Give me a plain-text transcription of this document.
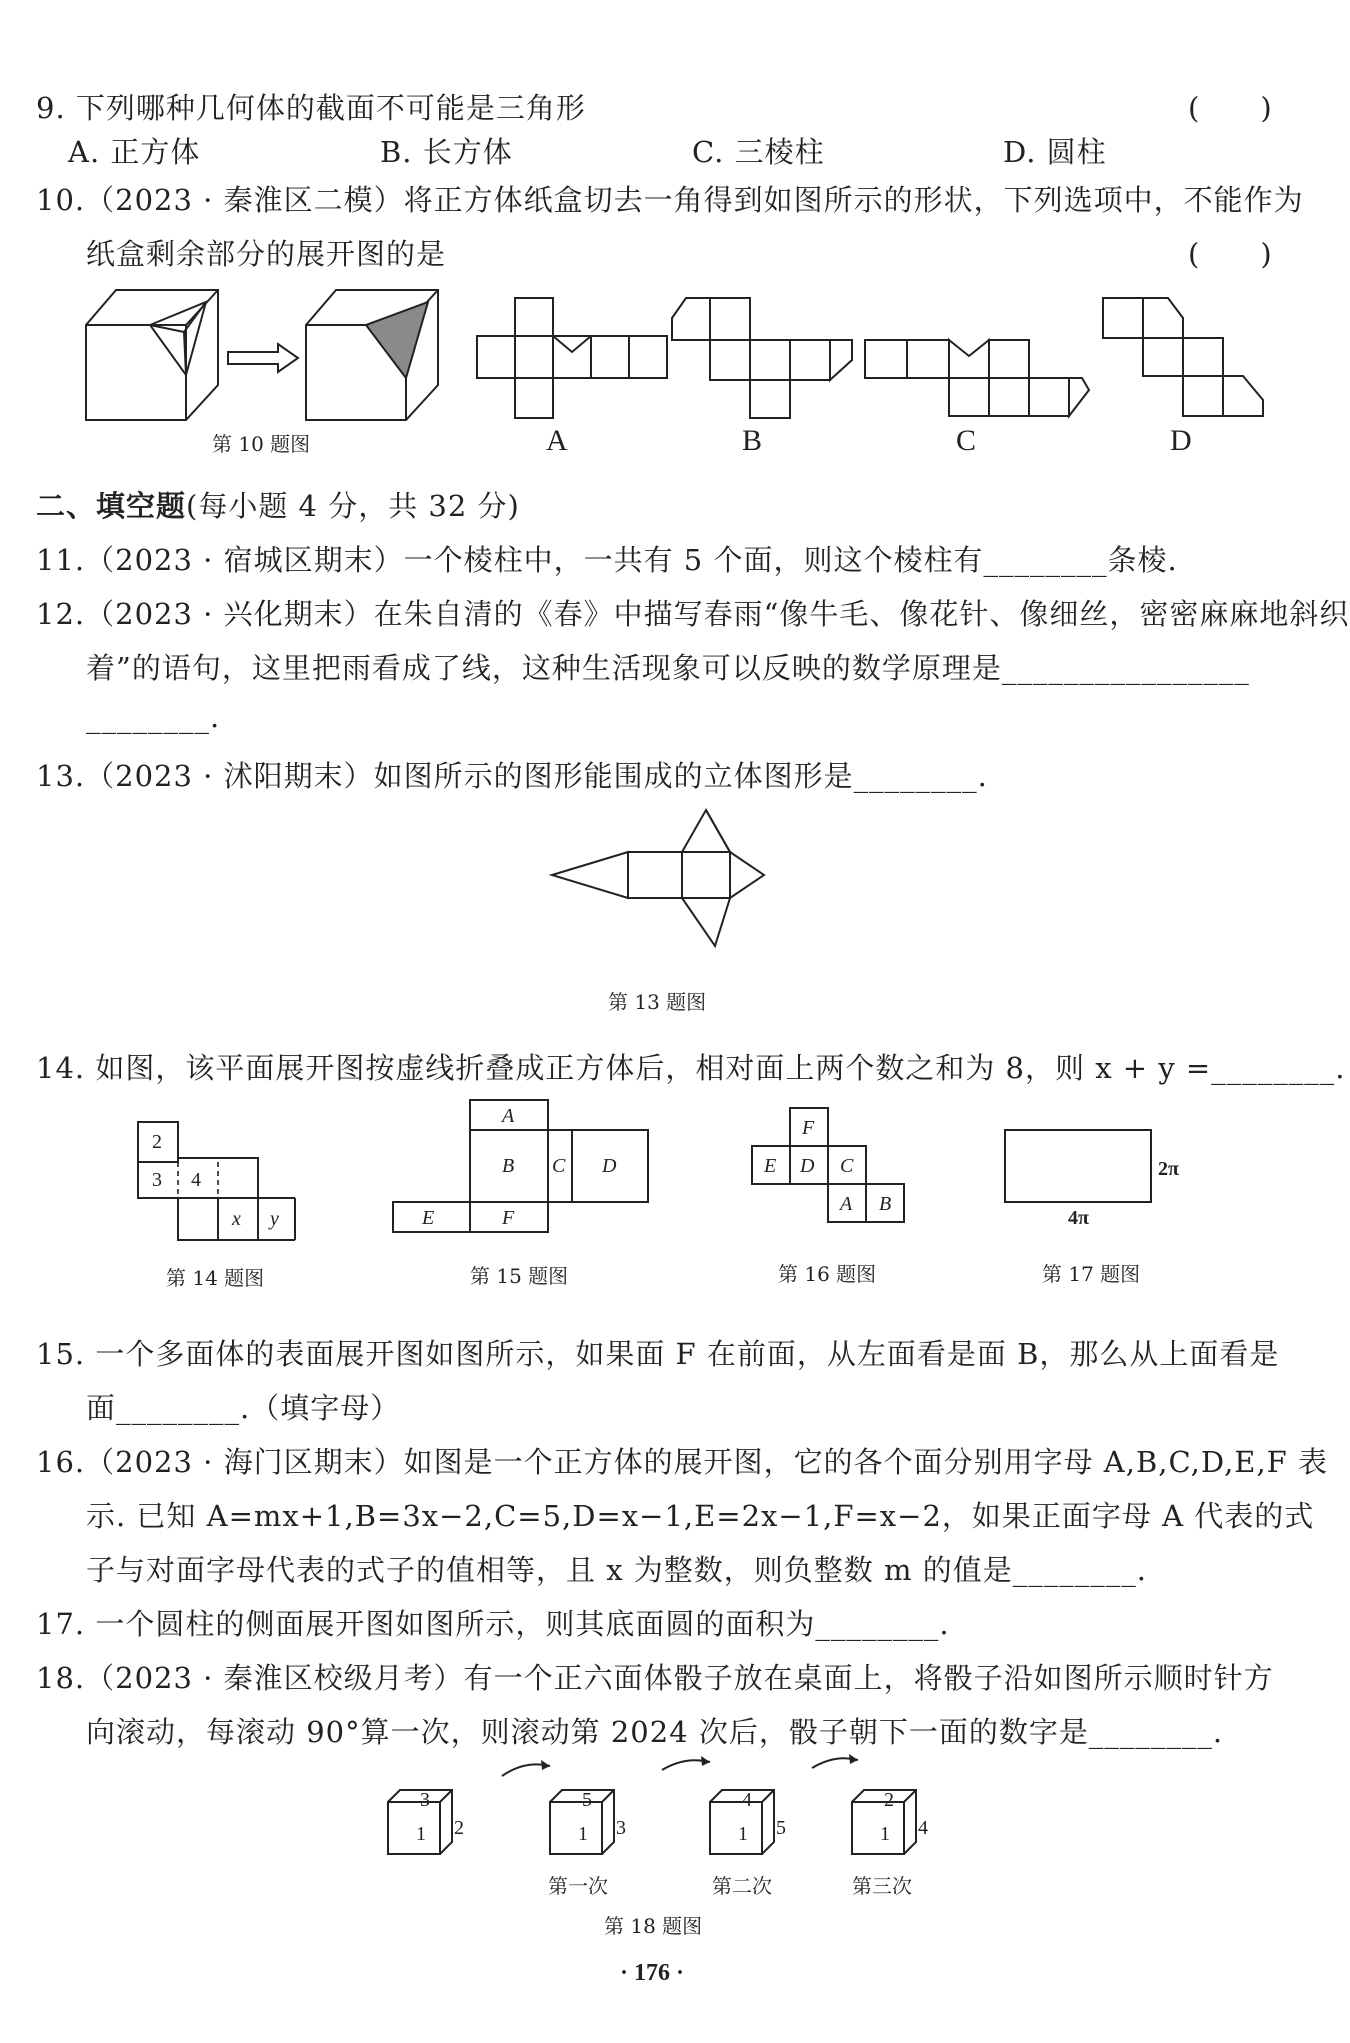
9. 下列哪种几何体的截面不可能是三角形	(　　)
A. 正方体	B. 长方体	C. 三棱柱	D. 圆柱
10.（2023 · 秦淮区二模）将正方体纸盒切去一角得到如图所示的形状，下列选项中，不能作为
纸盒剩余部分的展开图的是	(　　)
2
3 4
x y
A
B C D
E	F
F
E D C
A B
2π
4π
3
1 2
5
1 3
4
1 5
2
1 4
第 10 题图	A	B	C	D
二、填空题(每小题 4 分，共 32 分)
11.（2023 · 宿城区期末）一个棱柱中，一共有 5 个面，则这个棱柱有________条棱.
12.（2023 · 兴化期末）在朱自清的《春》中描写春雨“像牛毛、像花针、像细丝，密密麻麻地斜织
着”的语句，这里把雨看成了线，这种生活现象可以反映的数学原理是________________
________.
13.（2023 · 沭阳期末）如图所示的图形能围成的立体图形是________.
第 13 题图
14. 如图，该平面展开图按虚线折叠成正方体后，相对面上两个数之和为 8，则 x + y =________.
第 14 题图	第 15 题图	第 16 题图	第 17 题图
15. 一个多面体的表面展开图如图所示，如果面 F 在前面，从左面看是面 B，那么从上面看是
面________.（填字母）
16.（2023 · 海门区期末）如图是一个正方体的展开图，它的各个面分别用字母 A,B,C,D,E,F 表
示. 已知 A=mx+1,B=3x−2,C=5,D=x−1,E=2x−1,F=x−2，如果正面字母 A 代表的式
子与对面字母代表的式子的值相等，且 x 为整数，则负整数 m 的值是________.
17. 一个圆柱的侧面展开图如图所示，则其底面圆的面积为________.
18.（2023 · 秦淮区校级月考）有一个正六面体骰子放在桌面上，将骰子沿如图所示顺时针方
向滚动，每滚动 90°算一次，则滚动第 2024 次后，骰子朝下一面的数字是________.
第一次	第二次	第三次
第 18 题图
· 176 ·
